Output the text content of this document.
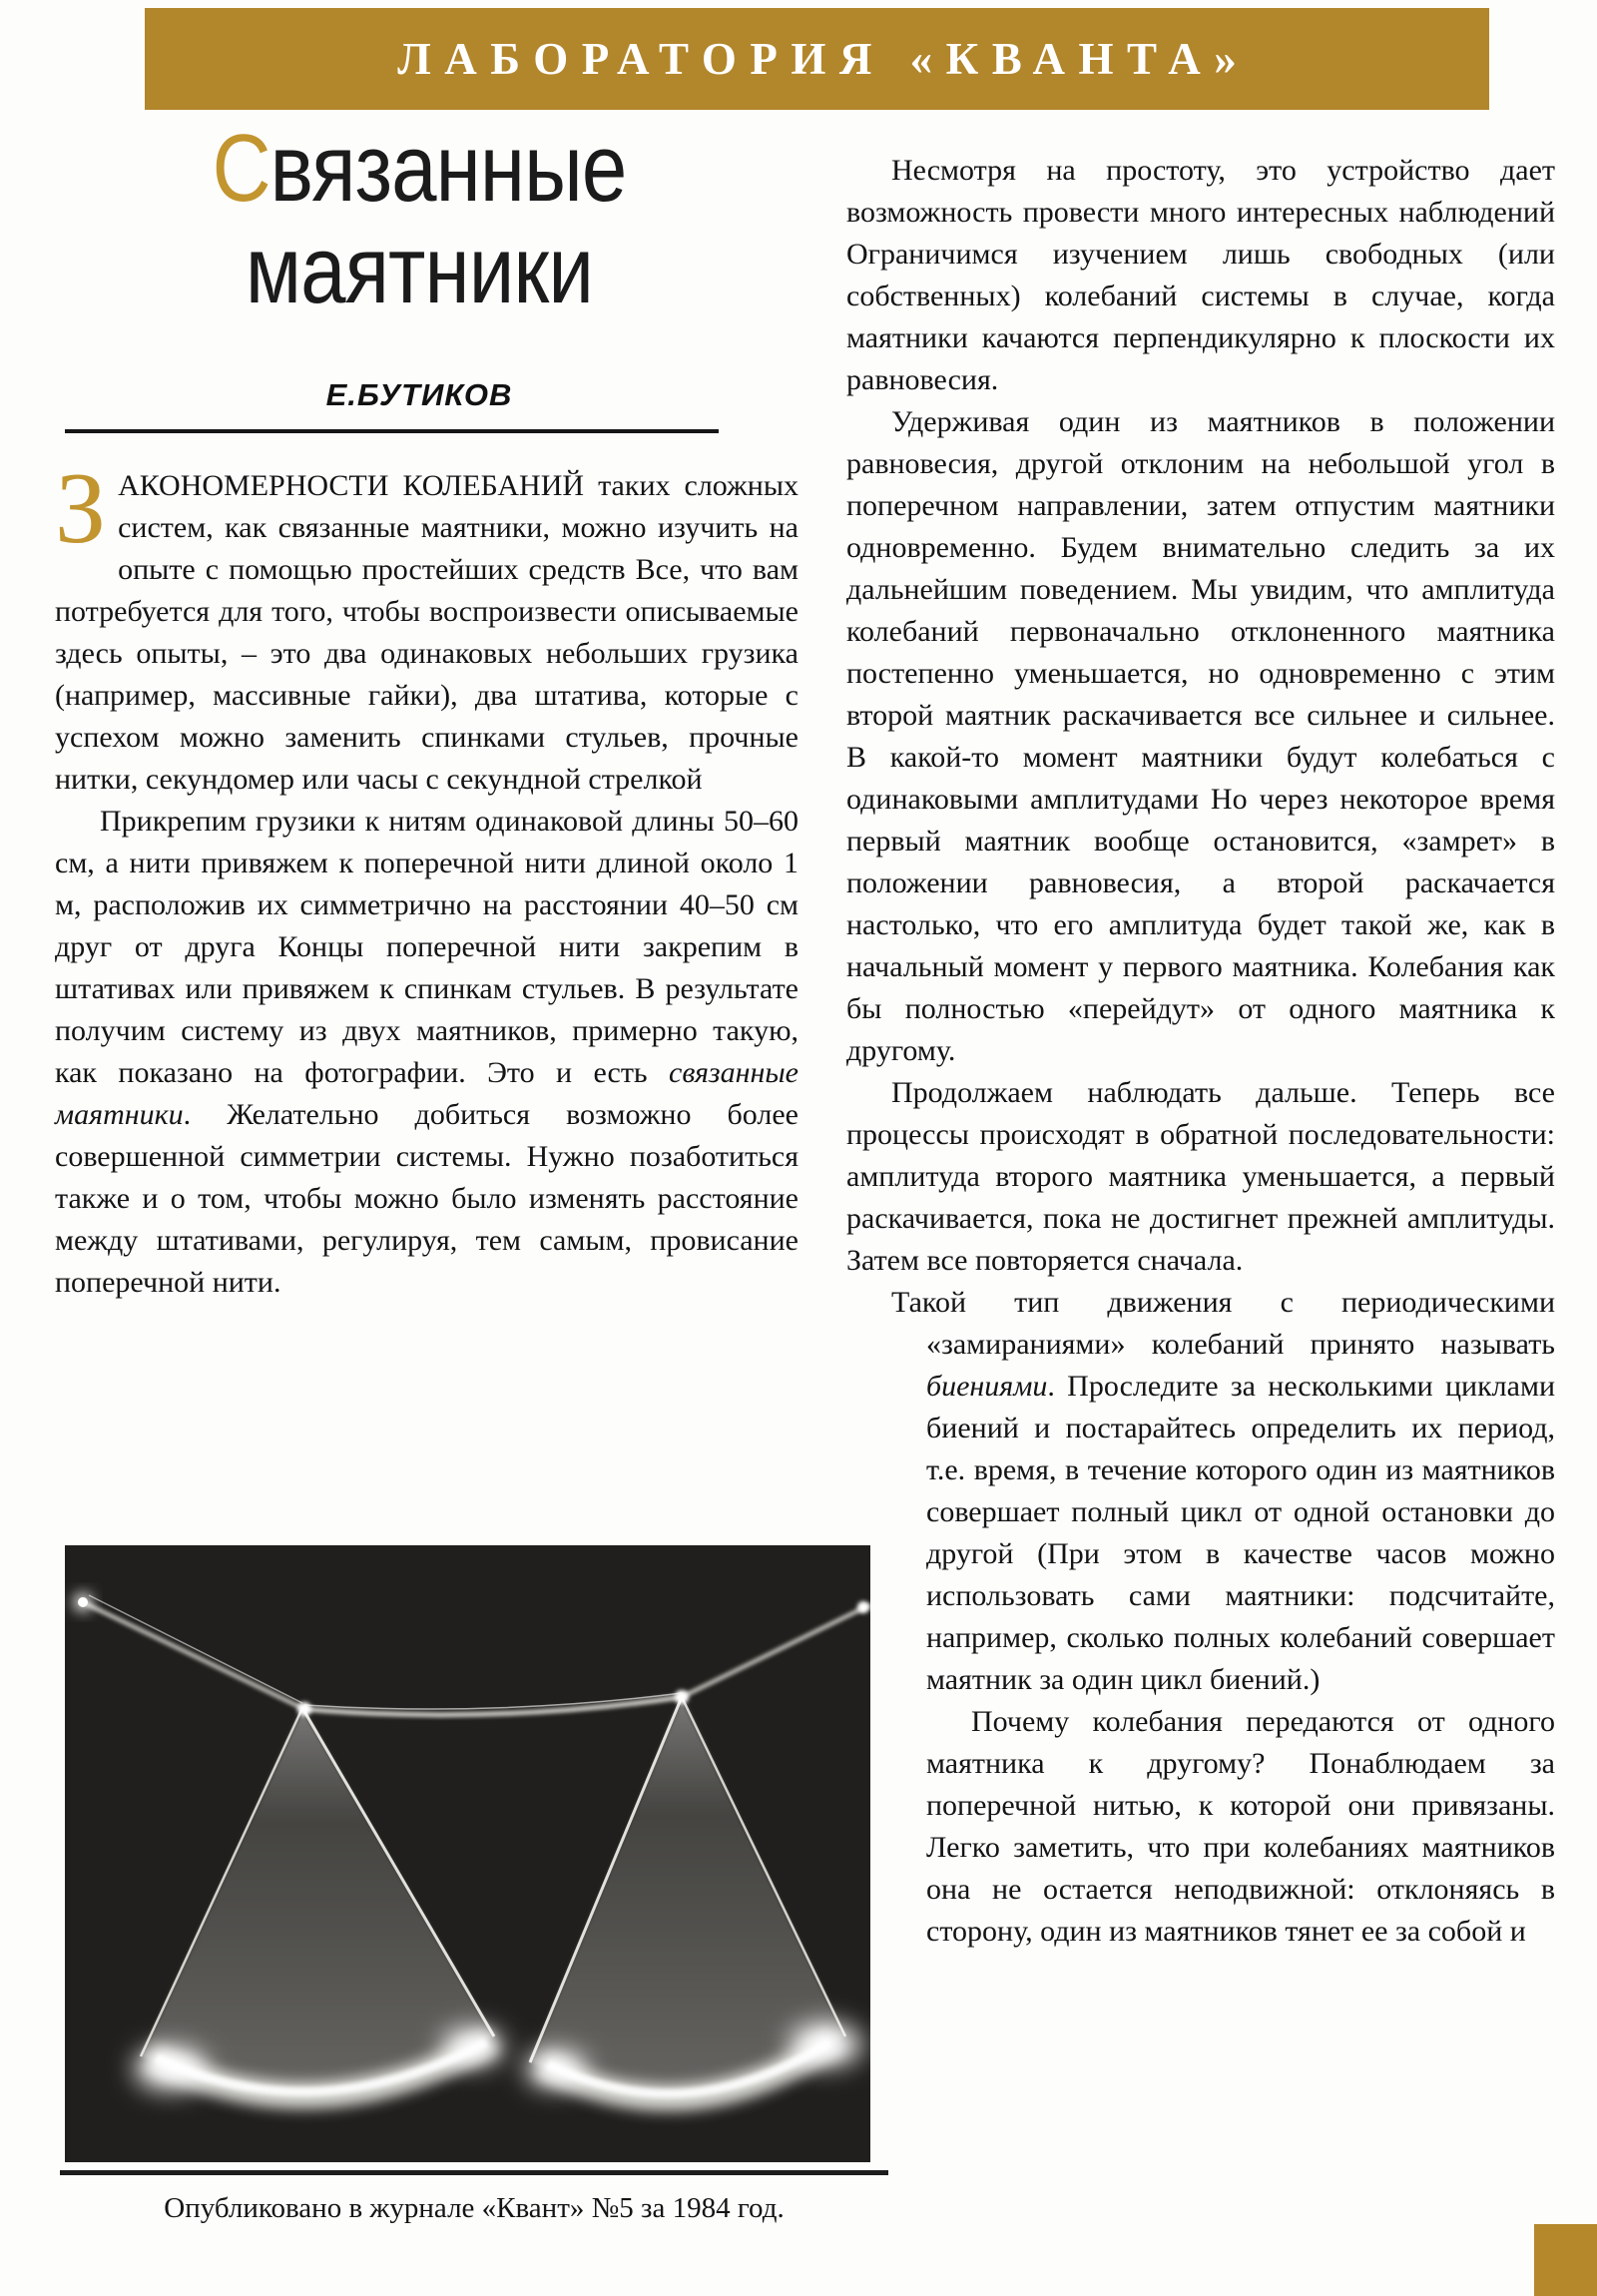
ЛАБОРАТОРИЯ «КВАНТА»
Связанные
маятники
Е.БУТИКОВ

ЗАКОНОМЕРНОСТИ КОЛЕБАНИЙ таких сложных систем, как связанные маятники, можно изучить на опыте с помощью простейших средств Все, что вам потребуется для того, чтобы воспроизвести описываемые здесь опыты, – это два одинаковых небольших грузика (например, массивные гайки), два штатива, которые с успехом можно заменить спинками стульев, прочные нитки, секундомер или часы с секундной стрелкой

Прикрепим грузики к нитям одинаковой длины 50–60 см, а нити привяжем к поперечной нити длиной около 1 м, расположив их симметрично на расстоянии 40–50 см друг от друга Концы поперечной нити закрепим в штативах или привяжем к спинкам стульев. В результате получим систему из двух маятников, примерно такую, как показано на фотографии. Это и есть связанные маятники. Желательно добиться возможно более совершенной симметрии системы. Нужно позаботиться также и о том, чтобы можно было изменять расстояние между штативами, регулируя, тем самым, провисание поперечной нити.

Несмотря на простоту, это устройство дает возможность провести много интересных наблюдений Ограничимся изучением лишь свободных (или собственных) колебаний системы в случае, когда маятники качаются перпендикулярно к плоскости их равновесия.

Удерживая один из маятников в положении равновесия, другой отклоним на небольшой угол в поперечном направлении, затем отпустим маятники одновременно. Будем внимательно следить за их дальнейшим поведением. Мы увидим, что амплитуда колебаний первоначально отклоненного маятника постепенно уменьшается, но одновременно с этим второй маятник раскачивается все сильнее и сильнее. В какой-то момент маятники будут колебаться с одинаковыми амплитудами Но через некоторое время первый маятник вообще остановится, «замрет» в положении равновесия, а второй раскачается настолько, что его амплитуда будет такой же, как в начальный момент у первого маятника. Колебания как бы полностью «перейдут» от одного маятника к другому.

Продолжаем наблюдать дальше. Теперь все процессы происходят в обратной последовательности: амплитуда второго маятника уменьшается, а первый раскачивается, пока не достигнет прежней амплитуды. Затем все повторяется сначала.

Такой тип движения с периодическими «замираниями» колебаний принято назы
вать биениями. Проследите за несколькими циклами биений и постарайтесь определить их период, т.е. время, в течение которого один из маятников совершает полный цикл от одной остановки до другой (При этом в качестве часов можно использовать сами маятники: подсчитайте, например, сколько полных колебаний совершает маятник за один цикл биений.)

Почему колебания передаются от одного маятника к другому? Понаблюдаем за поперечной нитью, к которой они привязаны. Легко заметить, что при колебаниях маятников она не остается неподвижной: отклоняясь в сторону, один из маятников тянет ее за собой и

Опубликовано в журнале «Квант» №5 за 1984 год.
